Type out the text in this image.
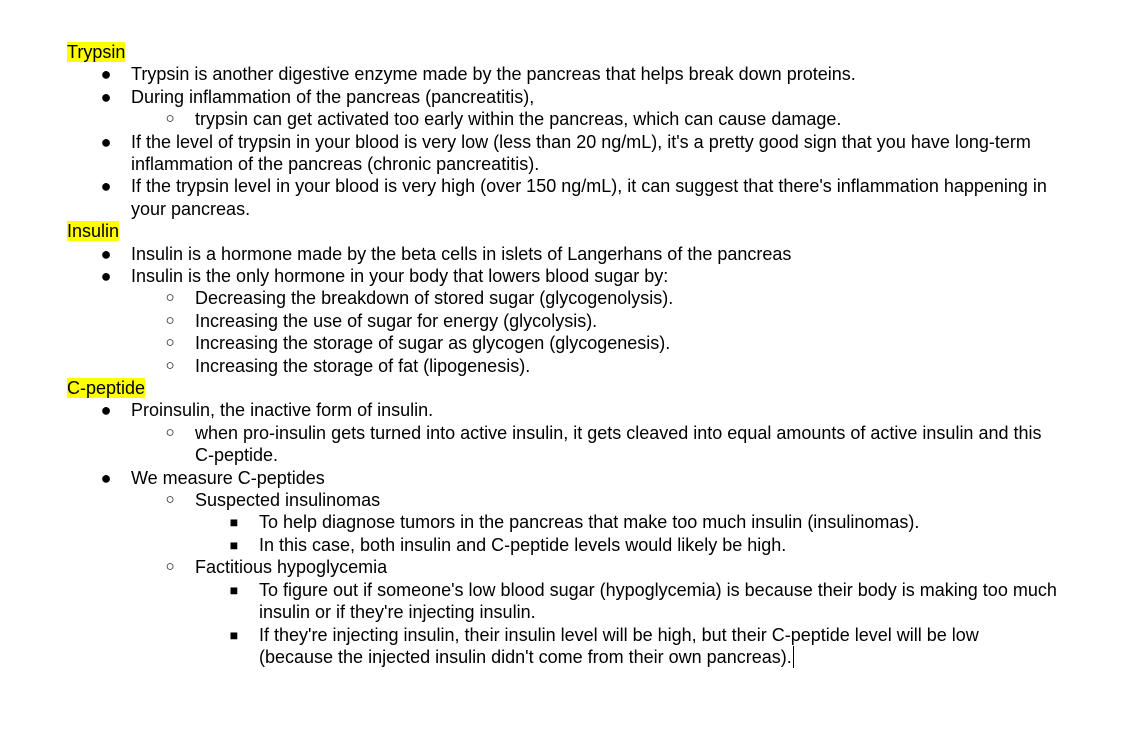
Trypsin
● Trypsin is another digestive enzyme made by the pancreas that helps break down proteins.
● During inflammation of the pancreas (pancreatitis),
○	trypsin can get activated too early within the pancreas, which can cause damage.
● If the level of trypsin in your blood is very low (less than 20 ng/mL), it's a pretty good sign that you have long-term inflammation of the pancreas (chronic pancreatitis).
● If the trypsin level in your blood is very high (over 150 ng/mL), it can suggest that there's inflammation happening in your pancreas.
Insulin
● Insulin is a hormone made by the beta cells in islets of Langerhans of the pancreas
● Insulin is the only hormone in your body that lowers blood sugar by:
○	Decreasing the breakdown of stored sugar (glycogenolysis).
○	Increasing the use of sugar for energy (glycolysis).
○	Increasing the storage of sugar as glycogen (glycogenesis).
○	Increasing the storage of fat (lipogenesis).
C-peptide
● Proinsulin, the inactive form of insulin.
○	when pro-insulin gets turned into active insulin, it gets cleaved into equal amounts of active insulin and this C-peptide.
● We measure C-peptides
○	Suspected insulinomas
■	To help diagnose tumors in the pancreas that make too much insulin (insulinomas).
■	In this case, both insulin and C-peptide levels would likely be high.
○	Factitious hypoglycemia
■	To figure out if someone's low blood sugar (hypoglycemia) is because their body is making too much insulin or if they're injecting insulin.
■	If they're injecting insulin, their insulin level will be high, but their C-peptide level will be low (because the injected insulin didn't come from their own pancreas).
